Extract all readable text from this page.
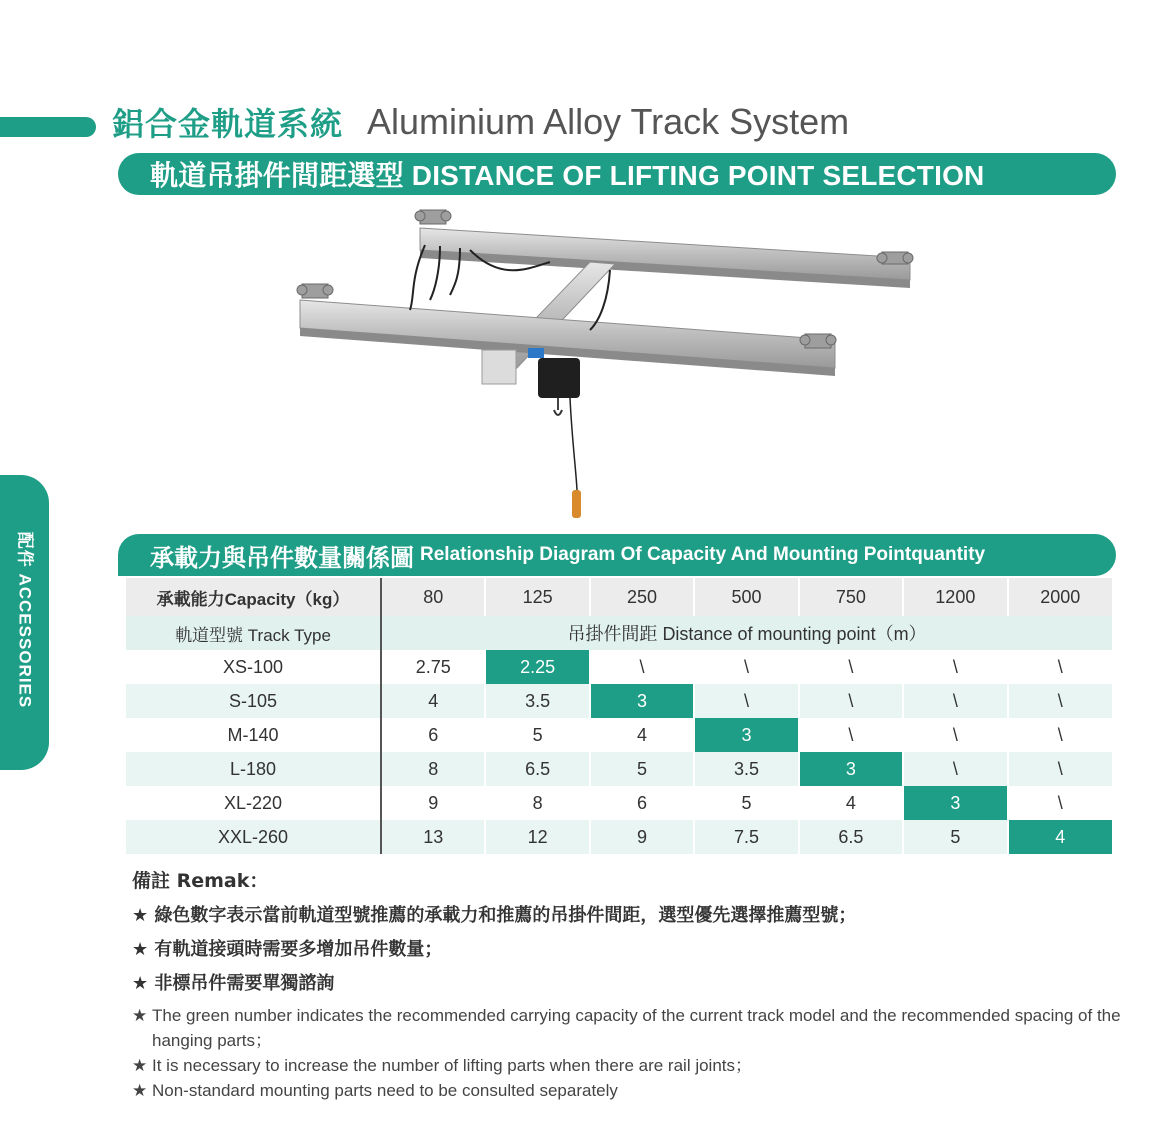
鋁合金軌道系統 Aluminium Alloy Track System
軌道吊掛件間距選型 DISTANCE OF LIFTING POINT SELECTION
配件 ACCESSORIES	承載力與吊件數量關係圖 Relationship Diagram Of Capacity And Mounting Pointquantity
承載能力Capacity（kg）	80	125	250	500	750	1200	2000
軌道型號 Track Type	吊掛件間距 Distance of mounting point（m）						
XS-100	2.75	2.25	\	\	\	\	\
S-105	4	3.5	3	\	\	\	\
M-140	6	5	4	3	\	\	\
L-180	8	6.5	5	3.5	3	\	\
XL-220	9	8	6	5	4	3	\
XXL-260	13	12	9	7.5	6.5	5	4
備註 Remak：
★ 綠色數字表示當前軌道型號推薦的承載力和推薦的吊掛件間距，選型優先選擇推薦型號；
★ 有軌道接頭時需要多增加吊件數量；
★ 非標吊件需要單獨諮詢
★ The green number indicates the recommended carrying capacity of the current track model and the recommended spacing of the hanging parts；
★ It is necessary to increase the number of lifting parts when there are rail joints；
★ Non-standard mounting parts need to be consulted separately
